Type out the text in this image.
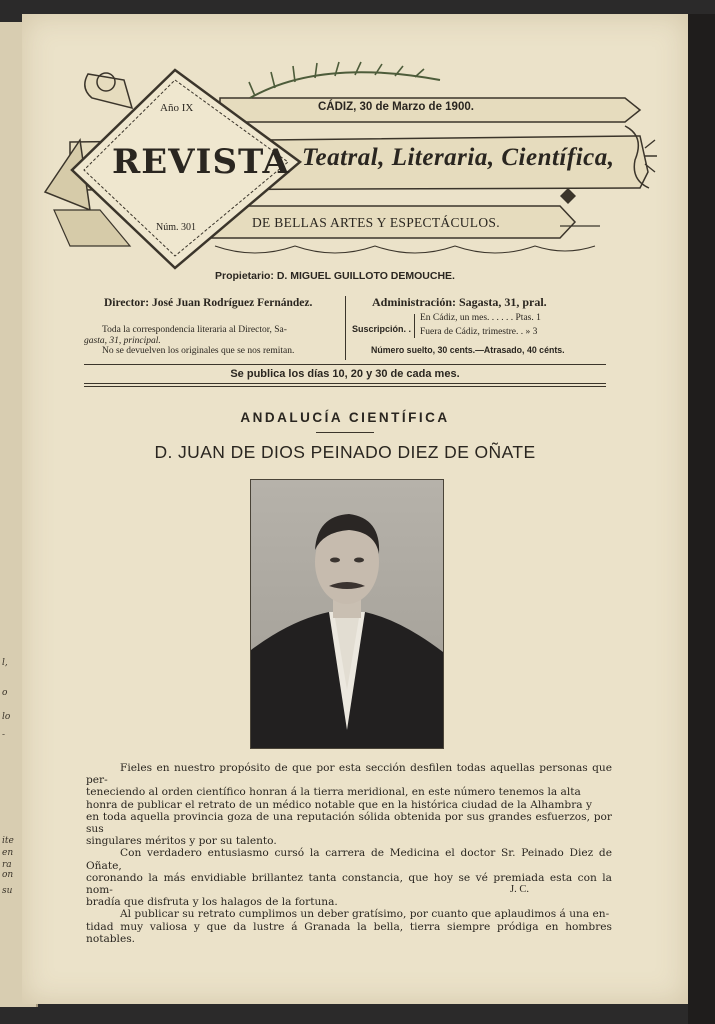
l,
o
lo
-
ite
en
ra
on
su
Año IX	CÁDIZ, 30 de Marzo de 1900.
REVISTA Teatral, Literaria, Científica,
DE BELLAS ARTES Y ESPECTÁCULOS.
Núm. 301
Propietario: D. MIGUEL GUILLOTO DEMOUCHE.
Director: José Juan Rodríguez Fernández.
Toda la correspondencia literaria al Director, Sa-
gasta, 31, principal.
No se devuelven los originales que se nos remitan.
Administración: Sagasta, 31, pral.
Suscripción. .
En Cádiz, un mes. . . . . . Ptas. 1
Fuera de Cádiz, trimestre. . » 3
Número suelto, 30 cents.—Atrasado, 40 cénts.
Se publica los días 10, 20 y 30 de cada mes.
ANDALUCÍA CIENTÍFICA
D. JUAN DE DIOS PEINADO DIEZ DE OÑATE
Fieles en nuestro propósito de que por esta sección desfilen todas aquellas personas que per-
teneciendo al orden científico honran á la tierra meridional, en este número tenemos la alta
honra de publicar el retrato de un médico notable que en la histórica ciudad de la Alhambra y
en toda aquella provincia goza de una reputación sólida obtenida por sus grandes esfuerzos, por sus
singulares méritos y por su talento.
Con verdadero entusiasmo cursó la carrera de Medicina el doctor Sr. Peinado Diez de Oñate,
coronando la más envidiable brillantez tanta constancia, que hoy se vé premiada esta con la nom-
bradía que disfruta y los halagos de la fortuna.
Al publicar su retrato cumplimos un deber gratísimo, por cuanto que aplaudimos á una en-
tidad muy valiosa y que da lustre á Granada la bella, tierra siempre pródiga en hombres notables.
J. C.
